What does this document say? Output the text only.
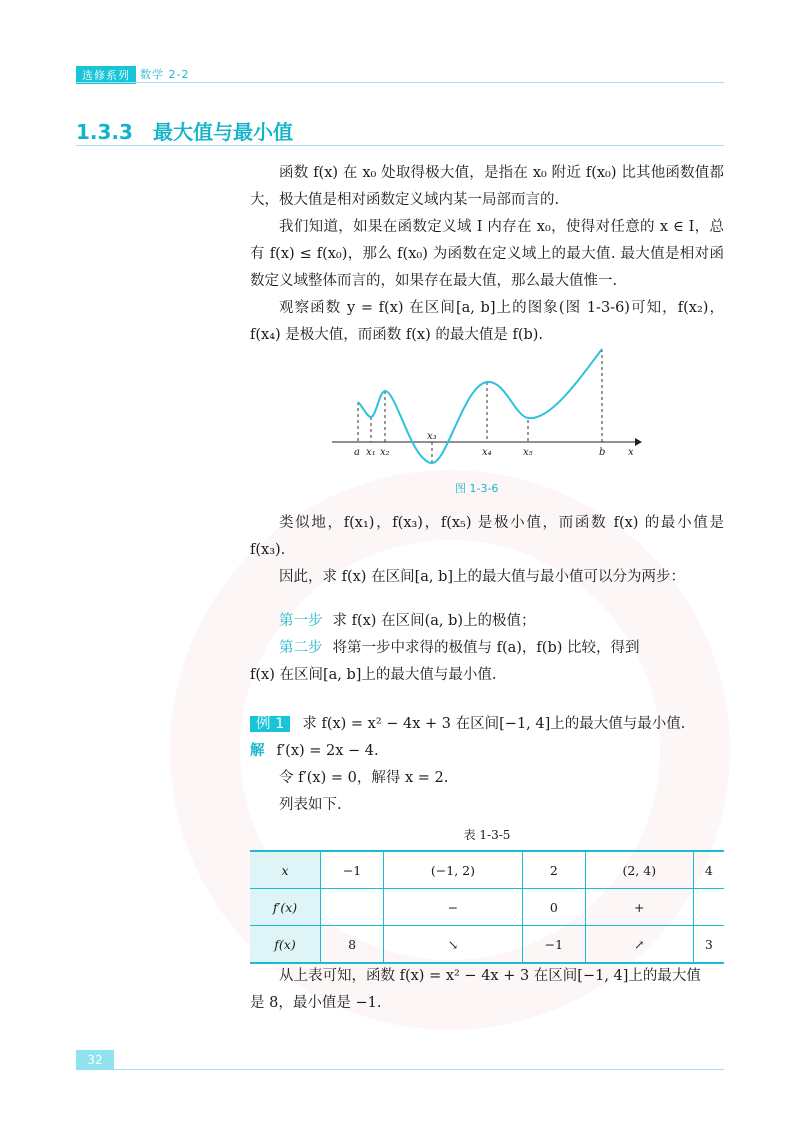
选修系列 数学 2-2
1.3.3 最大值与最小值

函数 f(x) 在 x₀ 处取得极大值，是指在 x₀ 附近 f(x₀) 比其他函数值都大，极大值是相对函数定义域内某一局部而言的.

我们知道，如果在函数定义域 I 内存在 x₀，使得对任意的 x ∈ I，总有 f(x) ≤ f(x₀)，那么 f(x₀) 为函数在定义域上的最大值. 最大值是相对函数定义域整体而言的，如果存在最大值，那么最大值惟一.

观察函数 y = f(x) 在区间[a, b]上的图象(图 1-3-6)可知，f(x₂)，f(x₄) 是极大值，而函数 f(x) 的最大值是 f(b).

a x₁ x₂
x₃
x₄	x₅	b x
图 1-3-6

类似地，f(x₁)，f(x₃)，f(x₅) 是极小值，而函数 f(x) 的最小值是 f(x₃).

因此，求 f(x) 在区间[a, b]上的最大值与最小值可以分为两步：

第一步 求 f(x) 在区间(a, b)上的极值；
第二步 将第一步中求得的极值与 f(a)，f(b) 比较，得到
f(x) 在区间[a, b]上的最大值与最小值.
例 1 求 f(x) = x² − 4x + 3 在区间[−1, 4]上的最大值与最小值.
解 f′(x) = 2x − 4.
令 f′(x) = 0，解得 x = 2.
列表如下.
表 1-3-5
x	−1	(−1, 2)	2	(2, 4)	4
f′(x)		−	0	+	
f(x)	8	↘	−1	↗	3
从上表可知，函数 f(x) = x² − 4x + 3 在区间[−1, 4]上的最大值
是 8，最小值是 −1.
32
